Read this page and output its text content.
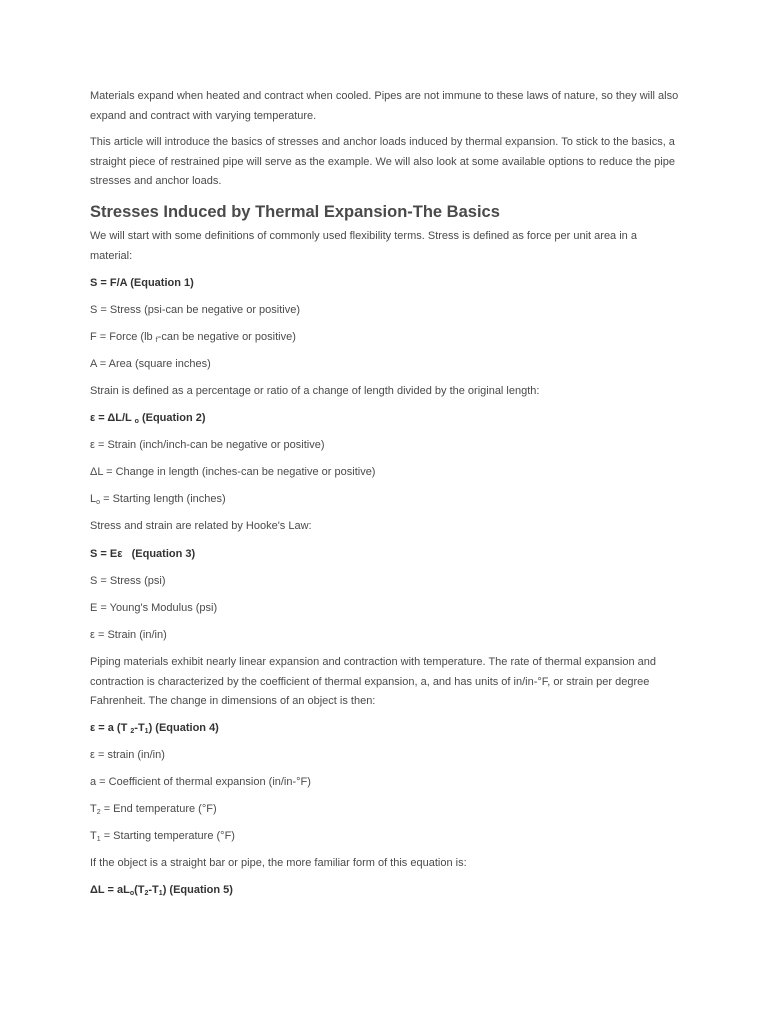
Materials expand when heated and contract when cooled. Pipes are not immune to these laws of nature, so they will also expand and contract with varying temperature.

This article will introduce the basics of stresses and anchor loads induced by thermal expansion. To stick to the basics, a straight piece of restrained pipe will serve as the example. We will also look at some available options to reduce the pipe stresses and anchor loads.

Stresses Induced by Thermal Expansion-The Basics

We will start with some definitions of commonly used flexibility terms. Stress is defined as force per unit area in a material:

S = F/A (Equation 1)

S = Stress (psi-can be negative or positive)

F = Force (lb $_f$-can be negative or positive)

A = Area (square inches)

Strain is defined as a percentage or ratio of a change of length divided by the original length:

ε = ΔL/L $_o$ (Equation 2)

ε = Strain (inch/inch-can be negative or positive)

ΔL = Change in length (inches-can be negative or positive)

$L_o$ = Starting length (inches)

Stress and strain are related by Hooke's Law:

S = Eε   (Equation 3)

S = Stress (psi)

E = Young's Modulus (psi)

ε = Strain (in/in)

Piping materials exhibit nearly linear expansion and contraction with temperature. The rate of thermal expansion and contraction is characterized by the coefficient of thermal expansion, a, and has units of in/in-°F, or strain per degree Fahrenheit. The change in dimensions of an object is then:

ε = a (T $_2-T_1$) (Equation 4)

ε = strain (in/in)

a = Coefficient of thermal expansion (in/in-°F)

$T_2$ = End temperature (°F)

$T_1$ = Starting temperature (°F)

If the object is a straight bar or pipe, the more familiar form of this equation is:

$\Delta L = aL_o(T_2-T_1)$ (Equation 5)
